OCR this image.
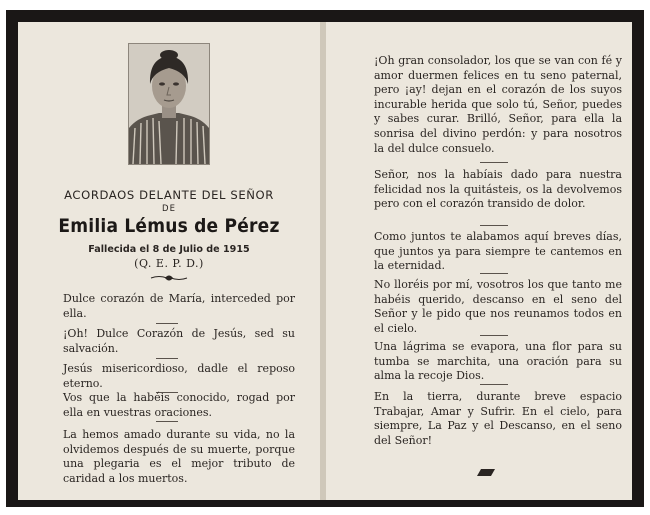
ACORDAOS DELANTE DEL SEÑOR
DE
Emilia Lémus de Pérez
Fallecida el 8 de Julio de 1915
(Q. E. P. D.)
Dulce corazón de María, interceded por ella.
¡Oh! Dulce Corazón de Jesús, sed su salvación.
Jesús misericordioso, dadle el reposo eterno.
Vos que la habéis conocido, rogad por ella en vuestras oraciones.
La hemos amado durante su vida, no la olvidemos después de su muerte, porque una plegaria es el mejor tributo de caridad a los muertos.
¡Oh gran consolador, los que se van con fé y amor duermen felices en tu seno paternal, pero ¡ay! dejan en el corazón de los suyos incurable herida que solo tú, Señor, puedes y sabes curar. Brilló, Señor, para ella la sonrisa del divino perdón: y para nosotros la del dulce consuelo.
Señor, nos la habíais dado para nuestra felicidad nos la quitásteis, os la devolvemos pero con el corazón transido de dolor.
Como juntos te alabamos aquí breves días, que juntos ya para siempre te cantemos en la eternidad.
No lloréis por mí, vosotros los que tanto me habéis querido, descanso en el seno del Señor y le pido que nos reunamos todos en el cielo.
Una lágrima se evapora, una flor para su tumba se marchita, una oración para su alma la recoje Dios.
En la tierra, durante breve espacio Trabajar, Amar y Sufrir. En el cielo, para siempre, La Paz y el Descanso, en el seno del Señor!
